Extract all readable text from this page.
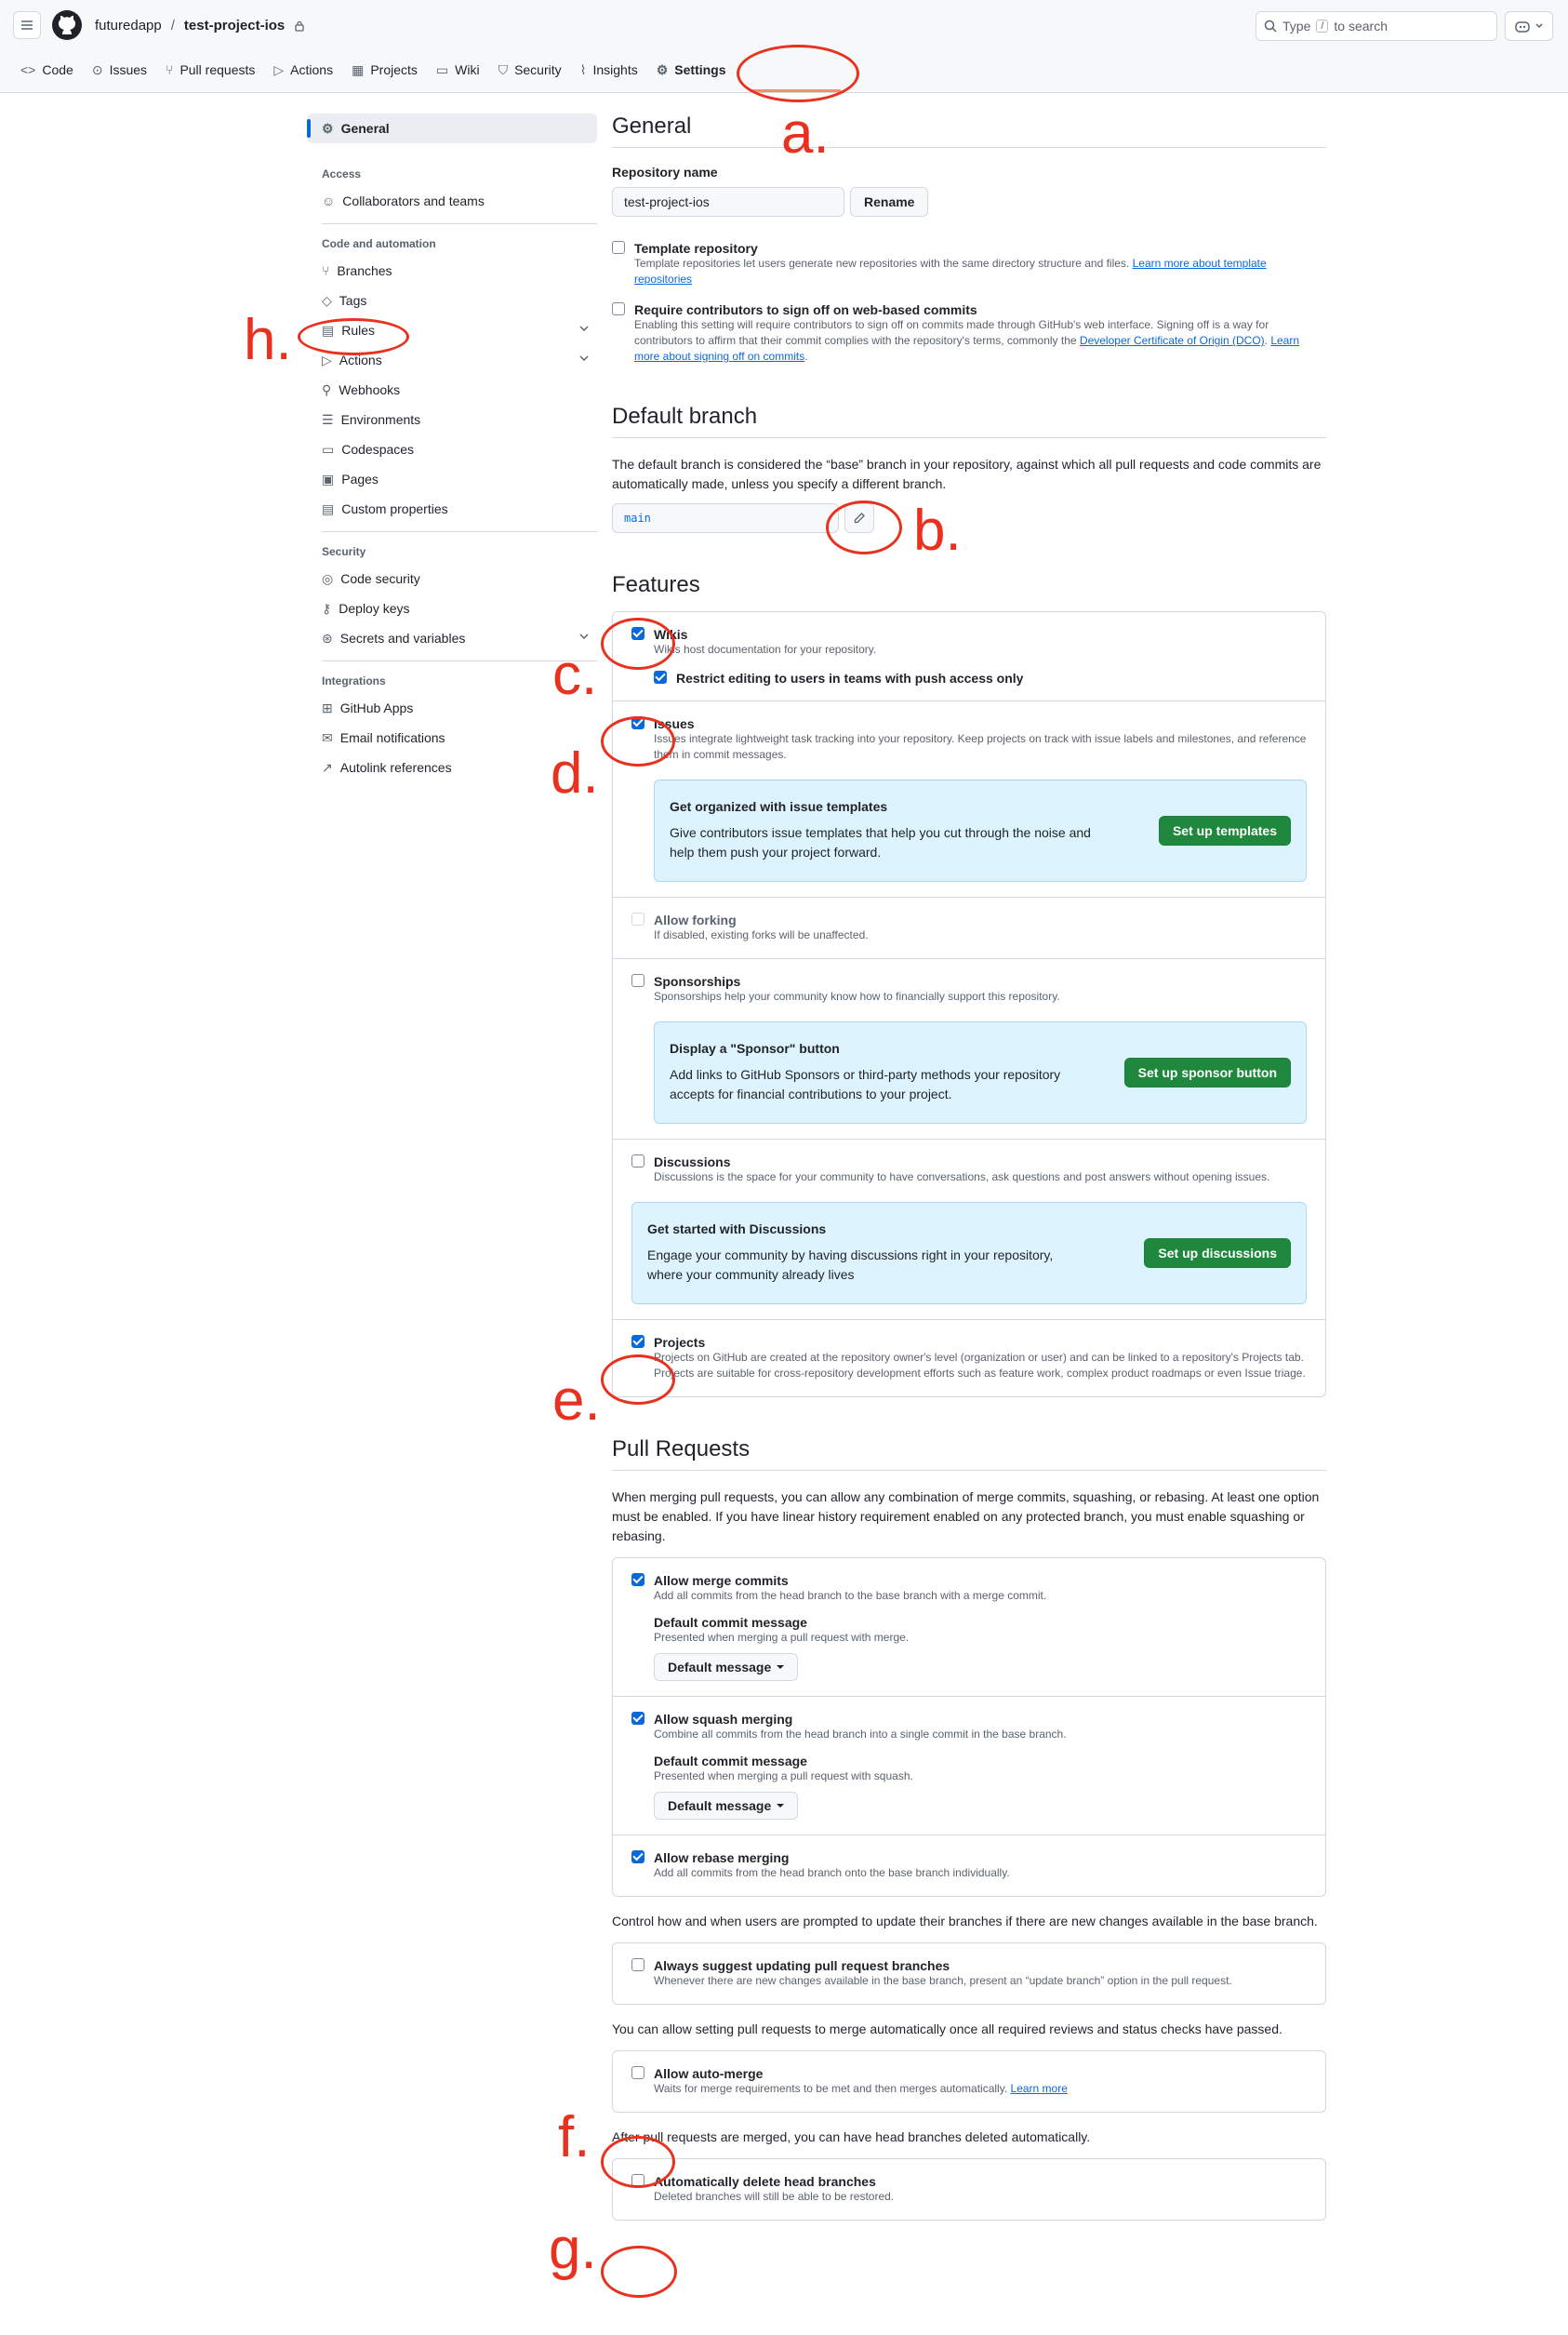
futuredapp / test-project-ios	Type	/ to search
<> Code ⊙ Issues ⑂ Pull requests ▷ Actions ▦ Projects ▭ Wiki ⛉ Security ⌇ Insights ⚙ Settings
⚙ General
Access
☺ Collaborators and teams
Code and automation
⑂ Branches
◇ Tags
▤ Rules
▷ Actions
⚲ Webhooks
☰ Environments
▭ Codespaces
▣ Pages
▤ Custom properties
Security
◎ Code security
⚷ Deploy keys
⊛ Secrets and variables
Integrations
⊞ GitHub Apps
✉ Email notifications
↗ Autolink references
General
Repository name
test-project-ios	Rename
Template repository
Template repositories let users generate new repositories with the same directory structure and files. Learn more about template repositories
Require contributors to sign off on web-based commits
Enabling this setting will require contributors to sign off on commits made through GitHub's web interface. Signing off is a way for contributors to affirm that their commit complies with the repository's terms, commonly the Developer Certificate of Origin (DCO). Learn more about signing off on commits.
Default branch
The default branch is considered the “base” branch in your repository, against which all pull requests and code commits are automatically made, unless you specify a different branch.
main
Features
Wikis
Wikis host documentation for your repository.
Restrict editing to users in teams with push access only
Issues
Issues integrate lightweight task tracking into your repository. Keep projects on track with issue labels and milestones, and reference them in commit messages.
Get organized with issue templates
Give contributors issue templates that help you cut through the noise and help them push your project forward.
Set up templates
Allow forking
If disabled, existing forks will be unaffected.
Sponsorships
Sponsorships help your community know how to financially support this repository.
Display a "Sponsor" button
Add links to GitHub Sponsors or third-party methods your repository accepts for financial contributions to your project.
Set up sponsor button
Discussions
Discussions is the space for your community to have conversations, ask questions and post answers without opening issues.
Get started with Discussions
Engage your community by having discussions right in your repository, where your community already lives
Set up discussions
Projects
Projects on GitHub are created at the repository owner's level (organization or user) and can be linked to a repository's Projects tab. Projects are suitable for cross-repository development efforts such as feature work, complex product roadmaps or even Issue triage.
Pull Requests
When merging pull requests, you can allow any combination of merge commits, squashing, or rebasing. At least one option must be enabled. If you have linear history requirement enabled on any protected branch, you must enable squashing or rebasing.
Allow merge commits
Add all commits from the head branch to the base branch with a merge commit.
Default commit message
Presented when merging a pull request with merge.
Default message
Allow squash merging
Combine all commits from the head branch into a single commit in the base branch.
Default commit message
Presented when merging a pull request with squash.
Default message
Allow rebase merging
Add all commits from the head branch onto the base branch individually.
Control how and when users are prompted to update their branches if there are new changes available in the base branch.
Always suggest updating pull request branches
Whenever there are new changes available in the base branch, present an “update branch” option in the pull request.
You can allow setting pull requests to merge automatically once all required reviews and status checks have passed.
Allow auto-merge
Waits for merge requirements to be met and then merges automatically. Learn more
After pull requests are merged, you can have head branches deleted automatically.
Automatically delete head branches
Deleted branches will still be able to be restored.
a.
b.
c.
d.
e.
f.
g.
h.
